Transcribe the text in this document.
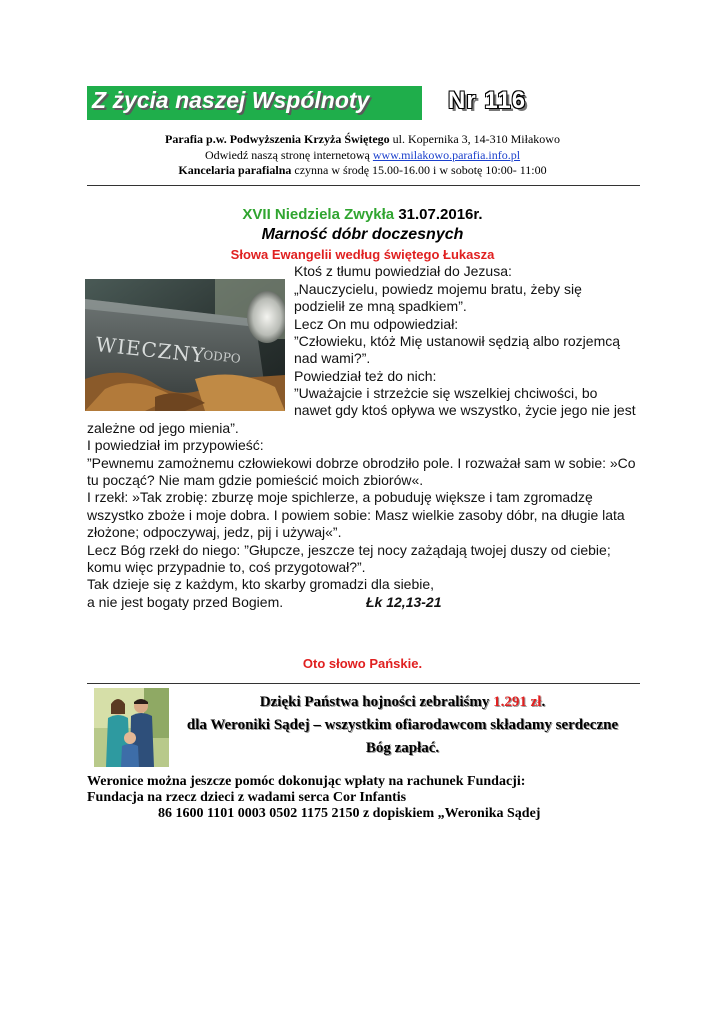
Z życia naszej Wspólnoty	Nr 116
Parafia p.w. Podwyższenia Krzyża Świętego ul. Kopernika 3, 14-310 Miłakowo
Odwiedź naszą stronę internetową www.milakowo.parafia.info.pl
Kancelaria parafialna czynna w środę 15.00-16.00 i w sobotę 10:00- 11:00
XVII Niedziela Zwykła 31.07.2016r.
Marność dóbr doczesnych
Słowa Ewangelii według świętego Łukasza
WIECZNY
ODPO
Ktoś z tłumu powiedział do Jezusa:
„Nauczycielu, powiedz mojemu bratu, żeby się
podzielił ze mną spadkiem”.
Lecz On mu odpowiedział:
”Człowieku, któż Mię ustanowił sędzią albo rozjemcą
nad wami?”.
Powiedział też do nich:
”Uważajcie i strzeżcie się wszelkiej chciwości, bo
nawet gdy ktoś opływa we wszystko, życie jego nie jest
zależne od jego mienia”.
I powiedział im przypowieść:
”Pewnemu zamożnemu człowiekowi dobrze obrodziło pole. I rozważał sam w sobie: »Co
tu począć? Nie mam gdzie pomieścić moich zbiorów«.
I rzekł: »Tak zrobię: zburzę moje spichlerze, a pobuduję większe i tam zgromadzę
wszystko zboże i moje dobra. I powiem sobie: Masz wielkie zasoby dóbr, na długie lata
złożone; odpoczywaj, jedz, pij i używaj«”.
Lecz Bóg rzekł do niego: ”Głupcze, jeszcze tej nocy zażądają twojej duszy od ciebie;
komu więc przypadnie to, coś przygotował?”.
Tak dzieje się z każdym, kto skarby gromadzi dla siebie,
a nie jest bogaty przed Bogiem.	Łk 12,13-21
Oto słowo Pańskie.
Dzięki Państwa hojności zebraliśmy 1.291 zł.
dla Weroniki Sądej – wszystkim ofiarodawcom składamy serdeczne
Bóg zapłać.
Weronice można jeszcze pomóc dokonując wpłaty na rachunek Fundacji:
Fundacja na rzecz dzieci z wadami serca Cor Infantis
86 1600 1101 0003 0502 1175 2150 z dopiskiem „Weronika Sądej
